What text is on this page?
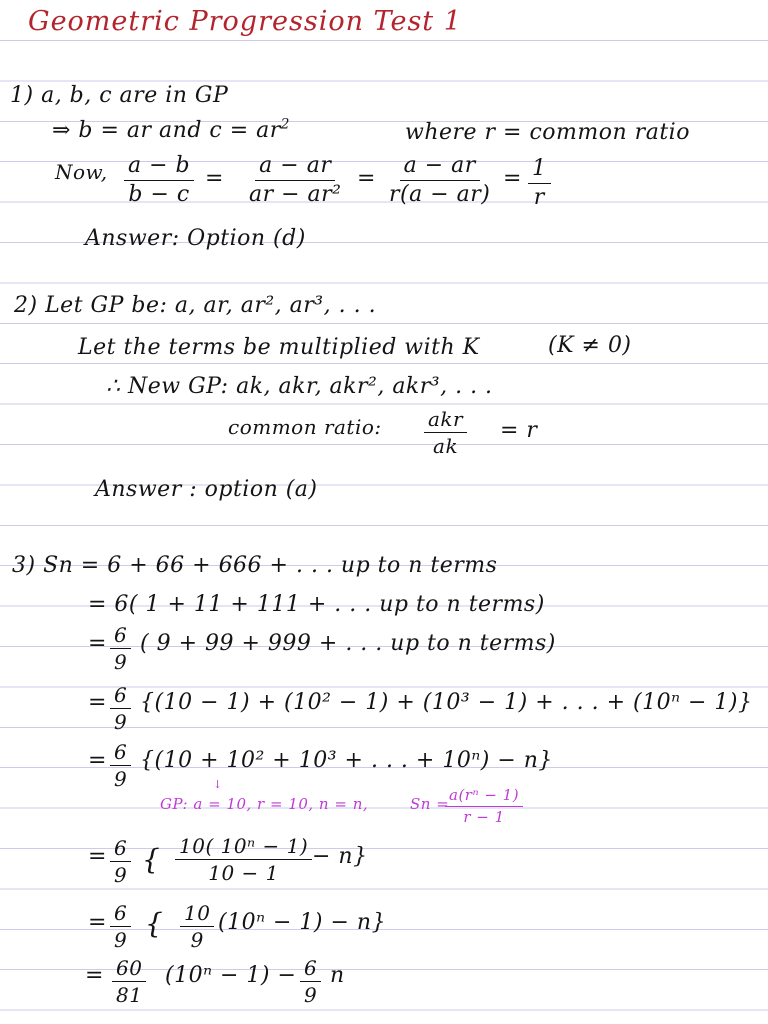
Geometric Progression Test 1
1) a, b, c are in GP
⇒ b = ar and $c = ar^2$	where r = common ratio
Now, $\frac{a - b}{b - c} = \frac{a - ar}{\text{ar − ar²}} = \frac{a - ar}{r(a - ar)} = \frac{1}{r}$
Answer: Option (d)
2) Let GP be: a, ar, ar², ar³, . . .
Let the terms be multiplied with K	(K ≠ 0)
∴ New GP: ak, akr, akr², akr³, . . .
common ratio: akr
ak
= r
Answer : option (a)
3) Sn = 6 + 66 + 666 + . . . up to n terms
= 6( 1 + 11 + 111 + . . . up to n terms)
= $\frac{6}{9}$ ( 9 + 99 + 999 + . . . up to n terms)
= $\frac{6}{9} \{(10 - 1) + (10^2 - 1) + (10^3 - 1)$ + . . . + (10ⁿ − 1)}
= $\frac{6}{9} \{(10 + 10^2 + 10^3$ + . . . + 10ⁿ) − n}
↓
GP: a = 10, r = 10, n = n,	Sn =
$\frac{\text{a(rⁿ − 1)}}{r - 1}$
= $\frac{6}{9}$ { $\frac{\text{10( 10ⁿ − 1)}}{10 - 1} - n$}
= $\frac{6}{9}$ { $\frac{10}{9} (10^n - 1) - n$}
= $\frac{60}{81} (10^n - 1) - \frac{6}{9}$ n
